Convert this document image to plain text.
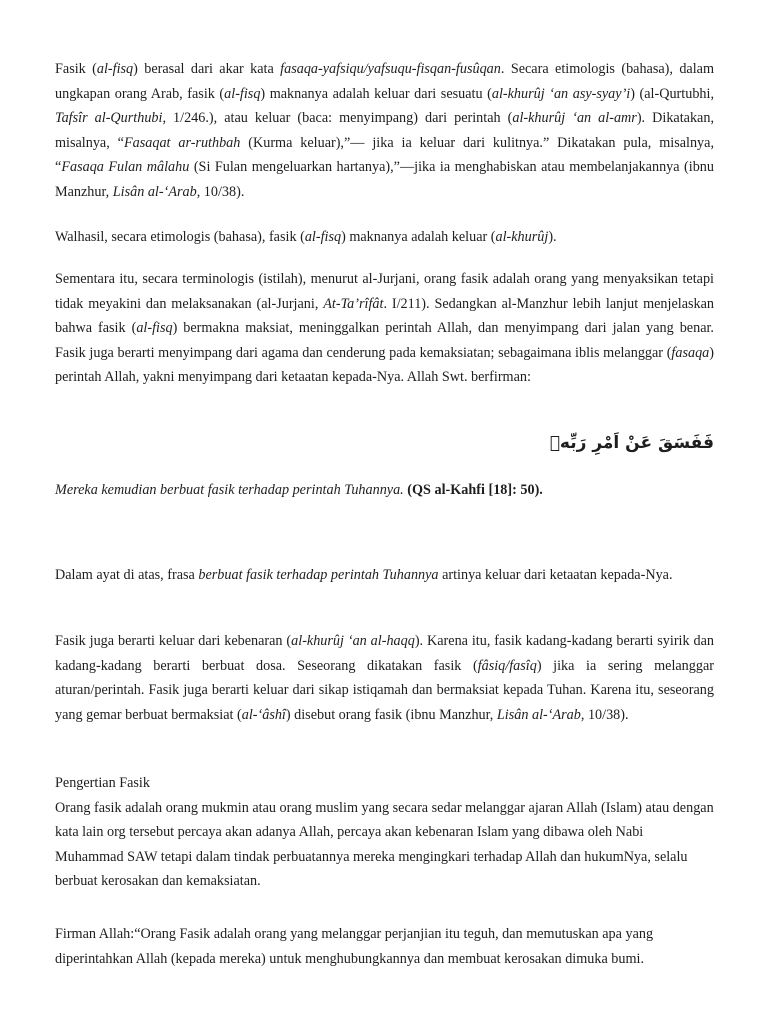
Fasik (al-fisq) berasal dari akar kata fasaqa-yafsiqu/yafsuqu-fisqan-fusûqan. Secara etimologis (bahasa), dalam ungkapan orang Arab, fasik (al-fisq) maknanya adalah keluar dari sesuatu (al-khurûj ‘an asy-syay’i) (al-Qurtubhi, Tafsîr al-Qurthubi, 1/246.), atau keluar (baca: menyimpang) dari perintah (al-khurûj ‘an al-amr). Dikatakan, misalnya, “Fasaqat ar-ruthbah (Kurma keluar),”— jika ia keluar dari kulitnya.” Dikatakan pula, misalnya, “Fasaqa Fulan mâlahu (Si Fulan mengeluarkan hartanya),”—jika ia menghabiskan atau membelanjakannya (ibnu Manzhur, Lisân al-‘Arab, 10/38).

Walhasil, secara etimologis (bahasa), fasik (al-fisq) maknanya adalah keluar (al-khurûj).

Sementara itu, secara terminologis (istilah), menurut al-Jurjani, orang fasik adalah orang yang menyaksikan tetapi tidak meyakini dan melaksanakan (al-Jurjani, At-Ta’rîfât. I/211). Sedangkan al-Manzhur lebih lanjut menjelaskan bahwa fasik (al-fisq) bermakna maksiat, meninggalkan perintah Allah, dan menyimpang dari jalan yang benar. Fasik juga berarti menyimpang dari agama dan cenderung pada kemaksiatan; sebagaimana iblis melanggar (fasaqa) perintah Allah, yakni menyimpang dari ketaatan kepada-Nya. Allah Swt. berfirman:

فَفَسَقَ عَنْ اَمْرِ رَبِّهٖ

Mereka kemudian berbuat fasik terhadap perintah Tuhannya. (QS al-Kahfi [18]: 50).

Dalam ayat di atas, frasa berbuat fasik terhadap perintah Tuhannya artinya keluar dari ketaatan kepada-Nya.

Fasik juga berarti keluar dari kebenaran (al-khurûj ‘an al-haqq). Karena itu, fasik kadang-kadang berarti syirik dan kadang-kadang berarti berbuat dosa. Seseorang dikatakan fasik (fâsiq/fasîq) jika ia sering melanggar aturan/perintah. Fasik juga berarti keluar dari sikap istiqamah dan bermaksiat kepada Tuhan. Karena itu, seseorang yang gemar berbuat bermaksiat (al-‘âshî) disebut orang fasik (ibnu Manzhur, Lisân al-‘Arab, 10/38).

Pengertian Fasik
Orang fasik adalah orang mukmin atau orang muslim yang secara sedar melanggar ajaran Allah (Islam) atau dengan kata lain org tersebut percaya akan adanya Allah, percaya akan kebenaran Islam yang dibawa oleh Nabi Muhammad SAW tetapi dalam tindak perbuatannya mereka mengingkari terhadap Allah dan hukumNya, selalu berbuat kerosakan dan kemaksiatan.

Firman Allah:“Orang Fasik adalah orang yang melanggar perjanjian itu teguh, dan memutuskan apa yang diperintahkan Allah (kepada mereka) untuk menghubungkannya dan membuat kerosakan dimuka bumi.
